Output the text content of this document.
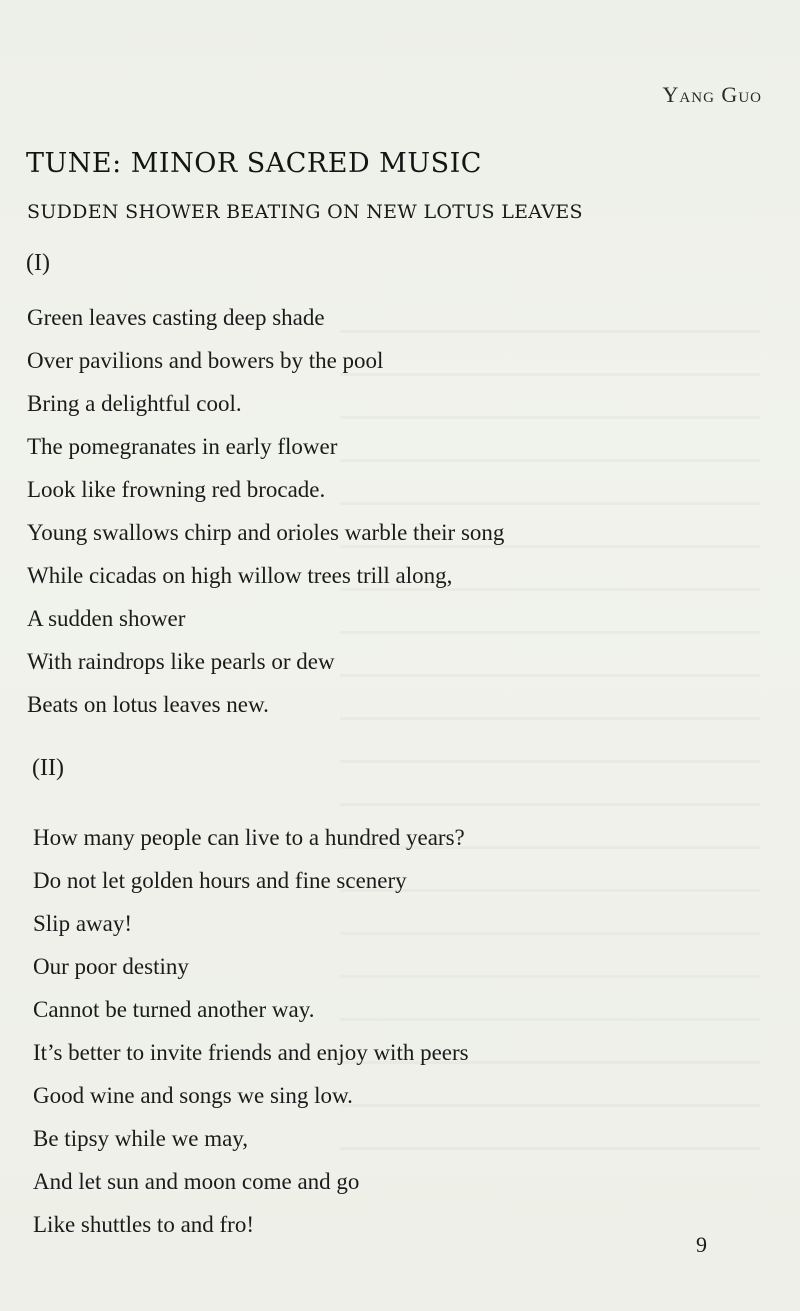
Yang Guo
TUNE: MINOR SACRED MUSIC
SUDDEN SHOWER BEATING ON NEW LOTUS LEAVES
(I)
Green leaves casting deep shade
Over pavilions and bowers by the pool
Bring a delightful cool.
The pomegranates in early flower
Look like frowning red brocade.
Young swallows chirp and orioles warble their song
While cicadas on high willow trees trill along,
A sudden shower
With raindrops like pearls or dew
Beats on lotus leaves new.
(II)
How many people can live to a hundred years?
Do not let golden hours and fine scenery
Slip away!
Our poor destiny
Cannot be turned another way.
It’s better to invite friends and enjoy with peers
Good wine and songs we sing low.
Be tipsy while we may,
And let sun and moon come and go
Like shuttles to and fro!
9
